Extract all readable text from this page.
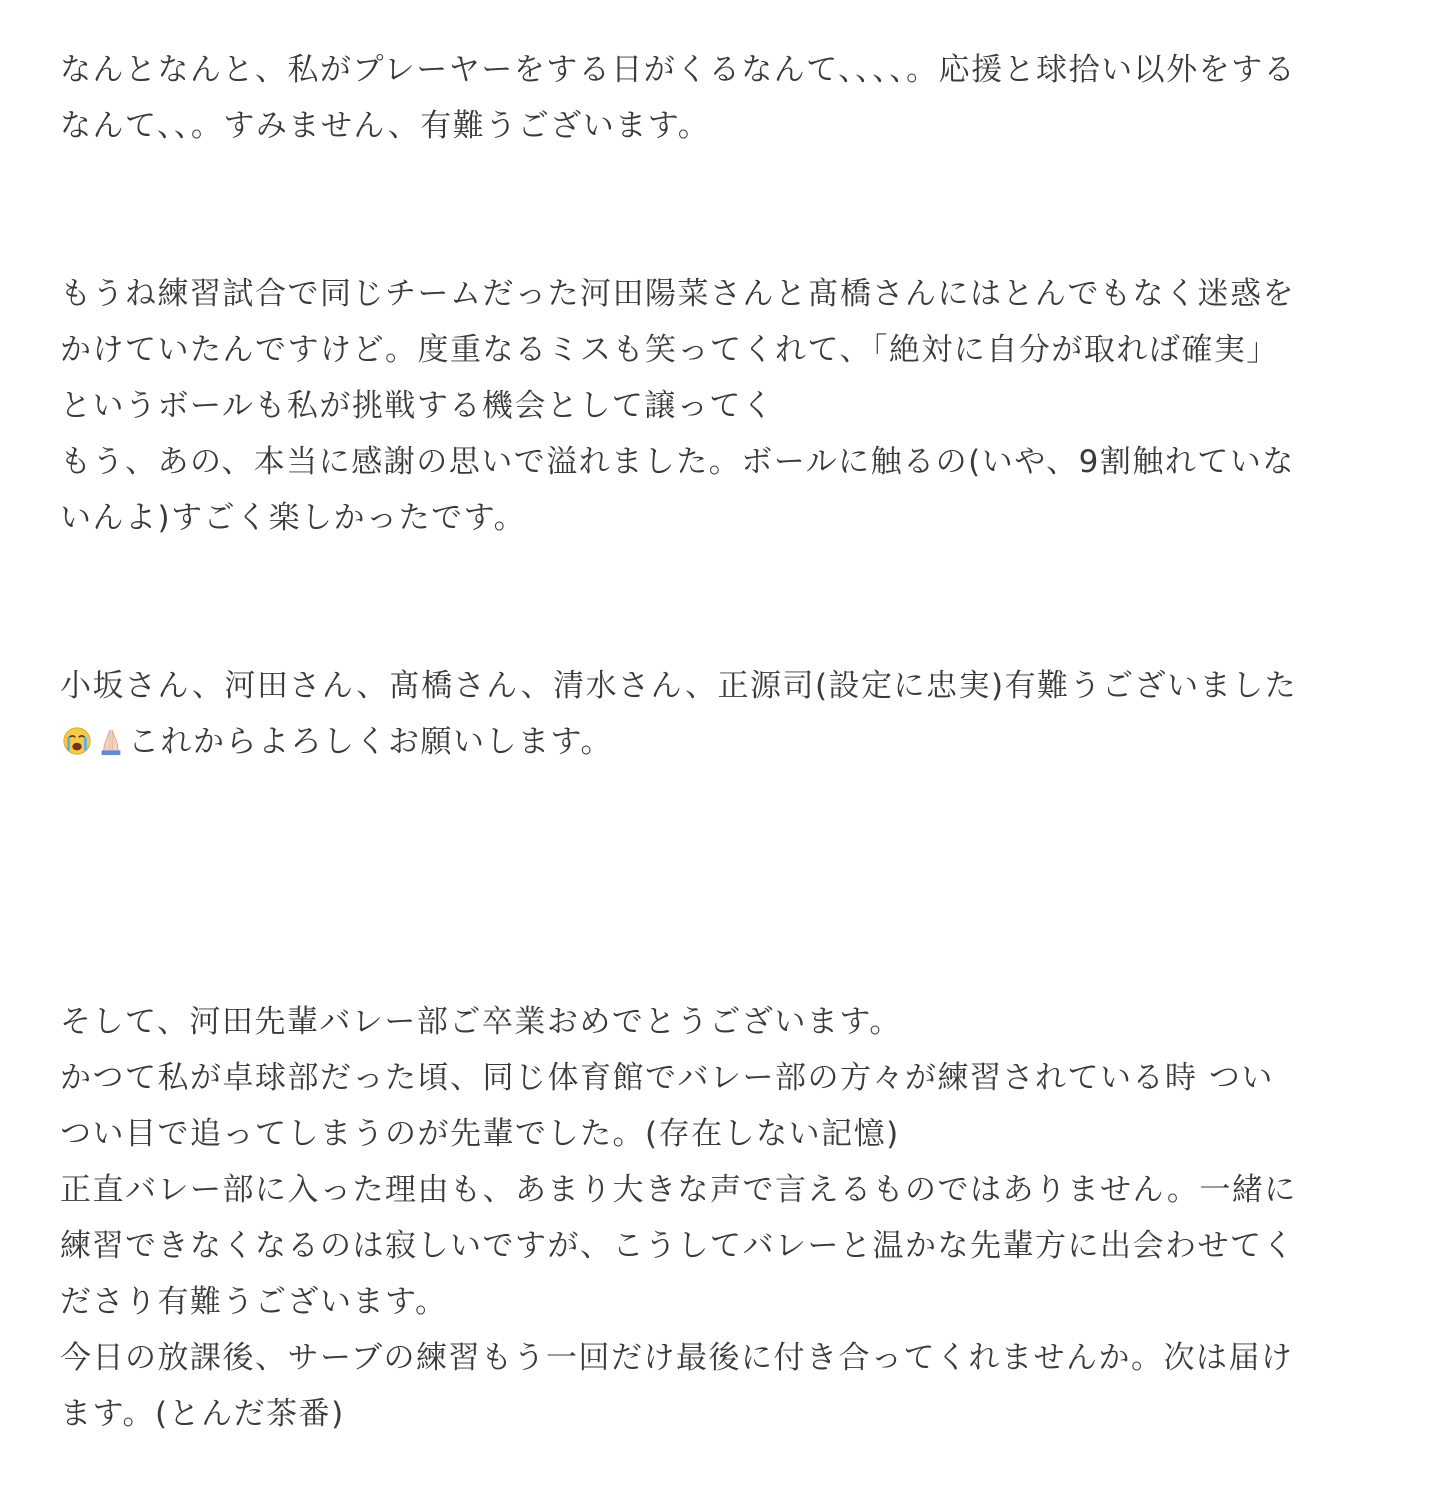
なんとなんと、私がプレーヤーをする日がくるなんて、、、、。応援と球拾い以外をするなんて、、。すみません、有難うございます。

もうね練習試合で同じチームだった河田陽菜さんと髙橋さんにはとんでもなく迷惑をかけていたんですけど。度重なるミスも笑ってくれて、「絶対に自分が取れば確実」というボールも私が挑戦する機会として譲ってく

もう、あの、本当に感謝の思いで溢れました。ボールに触るの(いや、9割触れていないんよ)すごく楽しかったです。

小坂さん、河田さん、髙橋さん、清水さん、正源司(設定に忠実)有難うございましたこれからよろしくお願いします。

そして、河田先輩バレー部ご卒業おめでとうございます。

かつて私が卓球部だった頃、同じ体育館でバレー部の方々が練習されている時 ついつい目で追ってしまうのが先輩でした。(存在しない記憶)

正直バレー部に入った理由も、あまり大きな声で言えるものではありません。一緒に練習できなくなるのは寂しいですが、こうしてバレーと温かな先輩方に出会わせてくださり有難うございます。

今日の放課後、サーブの練習もう一回だけ最後に付き合ってくれませんか。次は届けます。(とんだ茶番)
